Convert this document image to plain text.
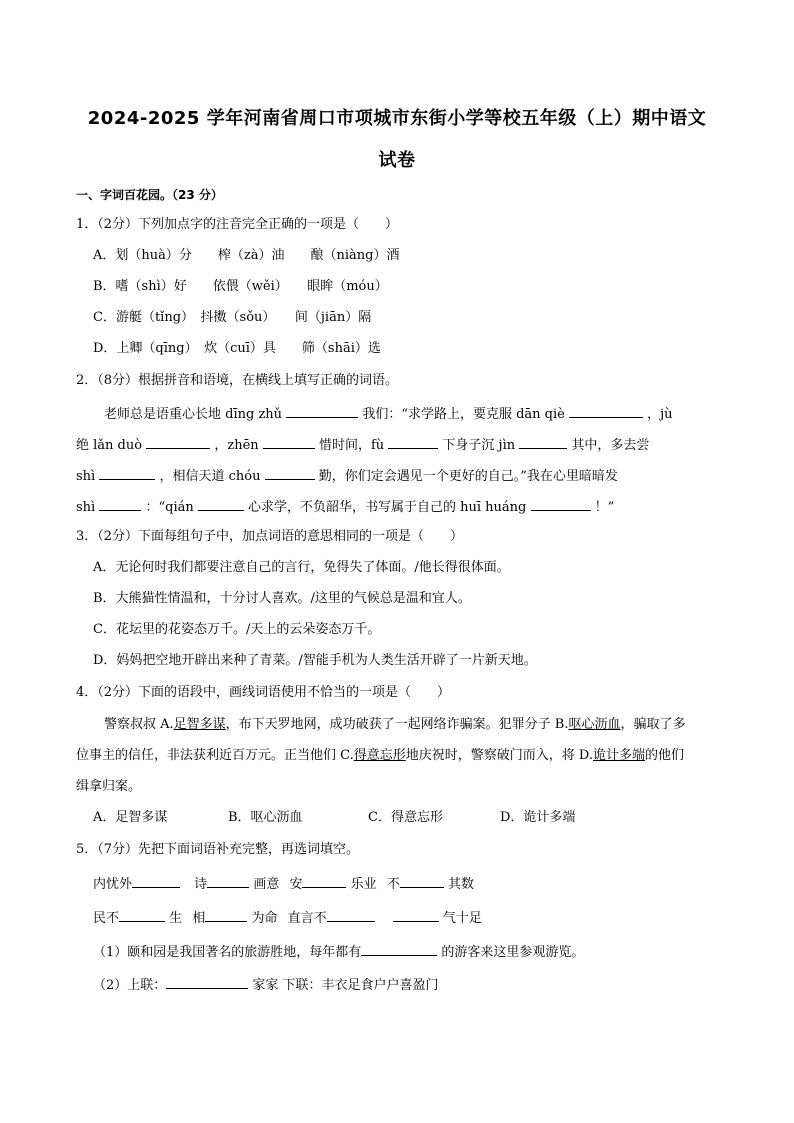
2024-2025 学年河南省周口市项城市东街小学等校五年级（上）期中语文
试卷
一、字词百花园。（23 分）
1．（2分）下列加点字的注音完全正确的一项是（　　）
A．划（huà）分　　榨（zà）油　　酿（niàng）酒
B．嗜（shì）好　　依偎（wěi）　　眼眸（móu）
C．游艇（tǐng）　抖擞（sǒu）　　间（jiān）隔
D．上卿（qīng）　炊（cuī）具　　筛（shāi）选
2．（8分）根据拼音和语境，在横线上填写正确的词语。
老师总是语重心长地 dīng zhǔ	我们：“求学路上，要克服 dān qiè	，jù
绝 lǎn duò	，zhēn	惜时间，fù	下身子沉 jìn	其中，多去尝
shì	，相信天道 chóu	勤，你们定会遇见一个更好的自己。”我在心里暗暗发
shì	：“qián	心求学，不负韶华，书写属于自己的 huī huáng	！”
3．（2分）下面每组句子中，加点词语的意思相同的一项是（　　）
A．无论何时我们都要注意自己的言行，免得失了体面。/他长得很体面。
B．大熊猫性情温和，十分讨人喜欢。/这里的气候总是温和宜人。
C．花坛里的花姿态万千。/天上的云朵姿态万千。
D．妈妈把空地开辟出来种了青菜。/智能手机为人类生活开辟了一片新天地。
4．（2分）下面的语段中，画线词语使用不恰当的一项是（　　）
警察叔叔 A.足智多谋，布下天罗地网，成功破获了一起网络诈骗案。犯罪分子 B.呕心沥血，骗取了多
位事主的信任，非法获利近百万元。正当他们 C.得意忘形地庆祝时，警察破门而入，将 D.诡计多端的他们
缉拿归案。
A．足智多谋	B．呕心沥血	C．得意忘形	D．诡计多端
5．（7分）先把下面词语补充完整，再选词填空。
内忧外	诗	画意 安	乐业 不	其数
民不	生 相	为命 直言不	气十足
（1）颐和园是我国著名的旅游胜地，每年都有	的游客来这里参观游览。
（2）上联：	家家 下联：丰衣足食户户喜盈门
